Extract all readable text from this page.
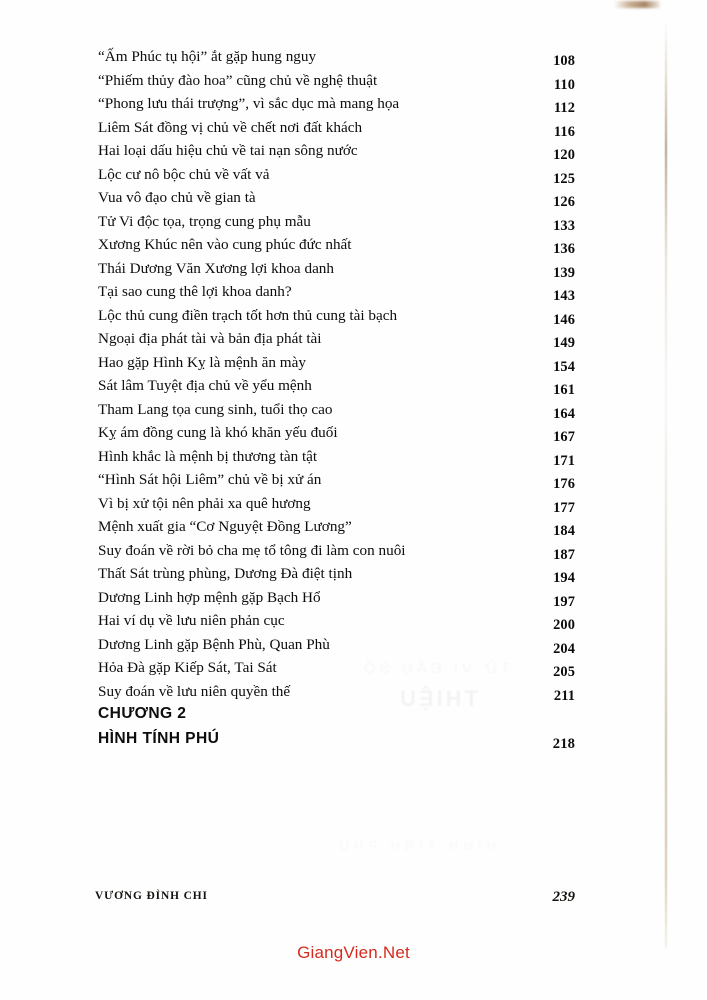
“Ấm Phúc tụ hội” ắt gặp hung nguy	108
“Phiếm thủy đào hoa” cũng chủ về nghệ thuật	110
“Phong lưu thái trượng”, vì sắc dục mà mang họa	112
Liêm Sát đồng vị chủ về chết nơi đất khách	116
Hai loại dấu hiệu chủ về tai nạn sông nước	120
Lộc cư nô bộc chủ về vất vả	125
Vua vô đạo chủ về gian tà	126
Tử Vi độc tọa, trọng cung phụ mẫu	133
Xương Khúc nên vào cung phúc đức nhất	136
Thái Dương Văn Xương lợi khoa danh	139
Tại sao cung thê lợi khoa danh?	143
Lộc thủ cung điền trạch tốt hơn thủ cung tài bạch	146
Ngoại địa phát tài và bản địa phát tài	149
Hao gặp Hình Kỵ là mệnh ăn mày	154
Sát lâm Tuyệt địa chủ về yểu mệnh	161
Tham Lang tọa cung sinh, tuổi thọ cao	164
Kỵ ám đồng cung là khó khăn yếu đuối	167
Hình khắc là mệnh bị thương tàn tật	171
“Hình Sát hội Liêm” chủ về bị xử án	176
Vì bị xử tội nên phải xa quê hương	177
Mệnh xuất gia “Cơ Nguyệt Đồng Lương”	184
Suy đoán về rời bỏ cha mẹ tổ tông đi làm con nuôi	187
Thất Sát trùng phùng, Dương Đà điệt tịnh	194
Dương Linh hợp mệnh gặp Bạch Hổ	197
Hai ví dụ về lưu niên phản cục	200
Dương Linh gặp Bệnh Phù, Quan Phù	204
Hỏa Đà gặp Kiếp Sát, Tai Sát	205
Suy đoán về lưu niên quyền thế	211
CHƯƠNG 2
HÌNH TÍNH PHÚ	218
VƯƠNG ĐÌNH CHI	239
GiangVien.Net
